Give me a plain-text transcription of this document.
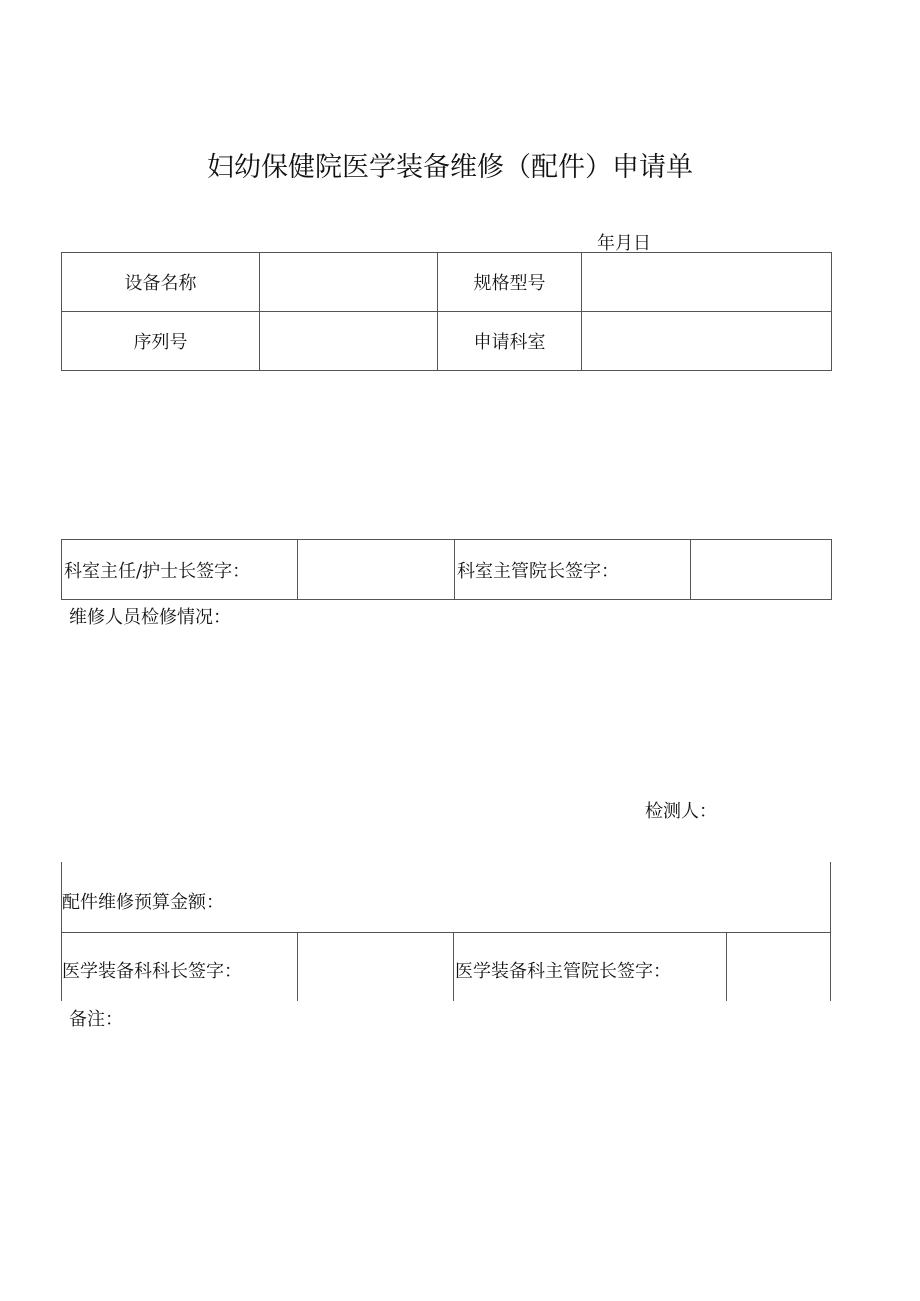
妇幼保健院医学装备维修（配件）申请单
年月日
设备名称		规格型号	
序列号		申请科室	
科室主任/护士长签字：		科室主管院长签字：	
维修人员检修情况：
检测人：
配件维修预算金额：
医学装备科科长签字：	医学装备科主管院长签字：
备注：
